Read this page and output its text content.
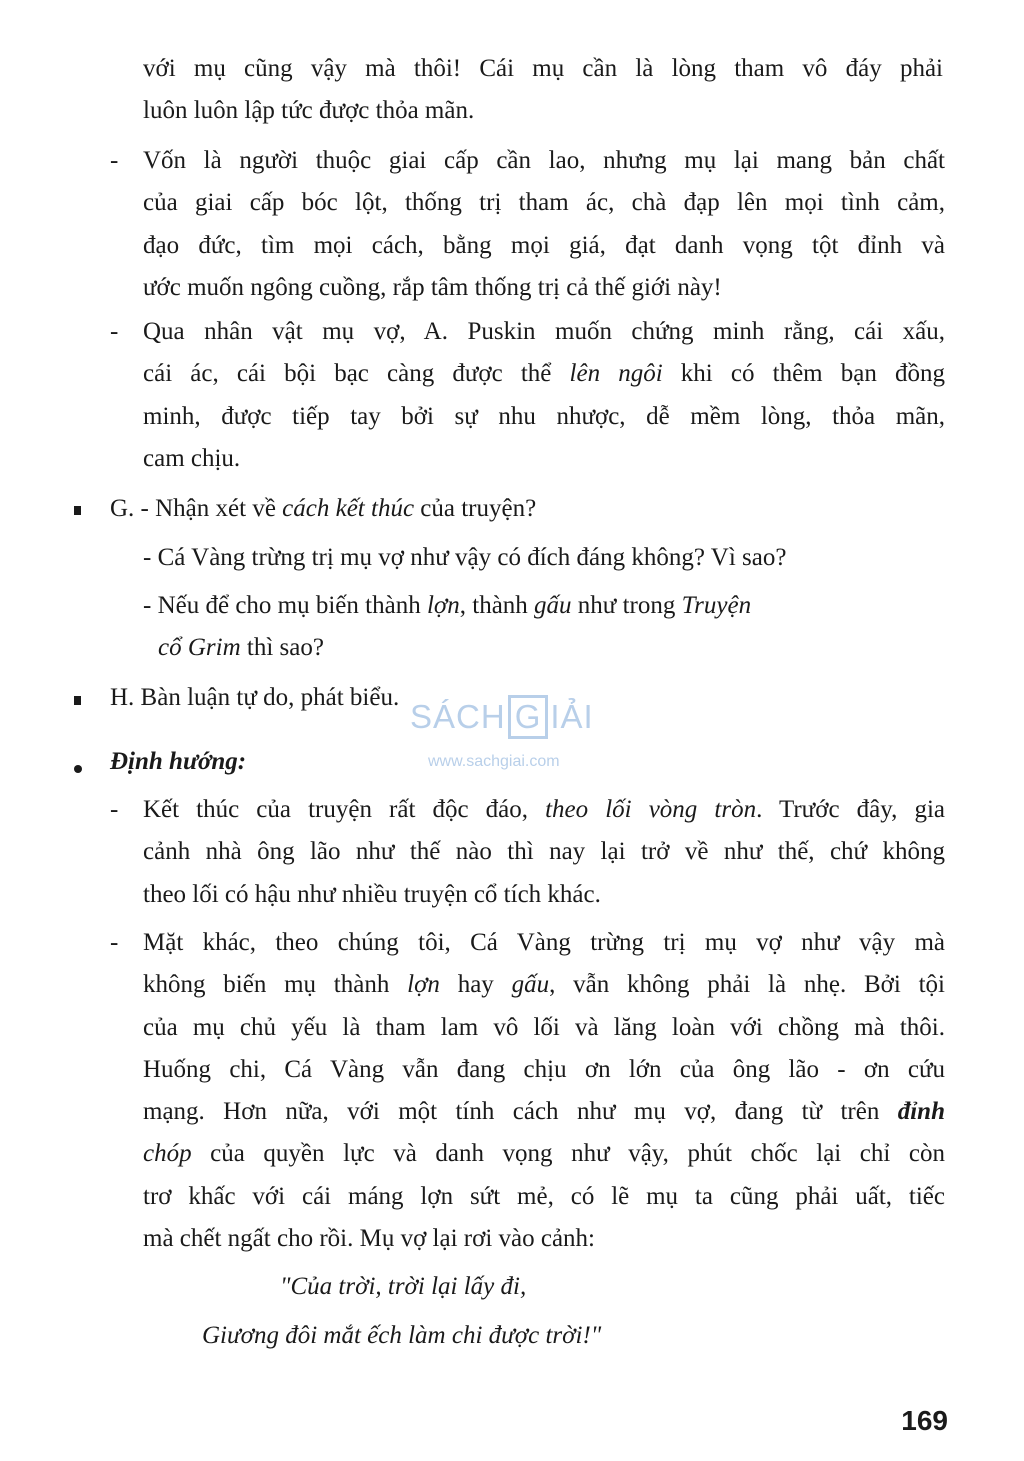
với mụ cũng vậy mà thôi! Cái mụ cần là lòng tham vô đáy phải
luôn luôn lập tức được thỏa mãn.
- Vốn là người thuộc giai cấp cần lao, nhưng mụ lại mang bản chất
của giai cấp bóc lột, thống trị tham ác, chà đạp lên mọi tình cảm,
đạo đức, tìm mọi cách, bằng mọi giá, đạt danh vọng tột đỉnh và
ước muốn ngông cuồng, rắp tâm thống trị cả thế giới này!
- Qua nhân vật mụ vợ, A. Puskin muốn chứng minh rằng, cái xấu,
cái ác, cái bội bạc càng được thể lên ngôi khi có thêm bạn đồng
minh, được tiếp tay bởi sự nhu nhược, dễ mềm lòng, thỏa mãn,
cam chịu.
G. - Nhận xét về cách kết thúc của truyện?
- Cá Vàng trừng trị mụ vợ như vậy có đích đáng không? Vì sao?
- Nếu để cho mụ biến thành lợn, thành gấu như trong Truyện
cổ Grim thì sao?
H. Bàn luận tự do, phát biểu.
SÁCH G IẢI
www.sachgiai.com
Định hướng:
- Kết thúc của truyện rất độc đáo, theo lối vòng tròn. Trước đây, gia
cảnh nhà ông lão như thế nào thì nay lại trở về như thế, chứ không
theo lối có hậu như nhiều truyện cổ tích khác.
- Mặt khác, theo chúng tôi, Cá Vàng trừng trị mụ vợ như vậy mà
không biến mụ thành lợn hay gấu, vẫn không phải là nhẹ. Bởi tội
của mụ chủ yếu là tham lam vô lối và lăng loàn với chồng mà thôi.
Huống chi, Cá Vàng vẫn đang chịu ơn lớn của ông lão - ơn cứu
mạng. Hơn nữa, với một tính cách như mụ vợ, đang từ trên đỉnh
chóp của quyền lực và danh vọng như vậy, phút chốc lại chỉ còn
trơ khấc với cái máng lợn sứt mẻ, có lẽ mụ ta cũng phải uất, tiếc
mà chết ngất cho rồi. Mụ vợ lại rơi vào cảnh:
"Của trời, trời lại lấy đi,
Giương đôi mắt ếch làm chi được trời!"
169
